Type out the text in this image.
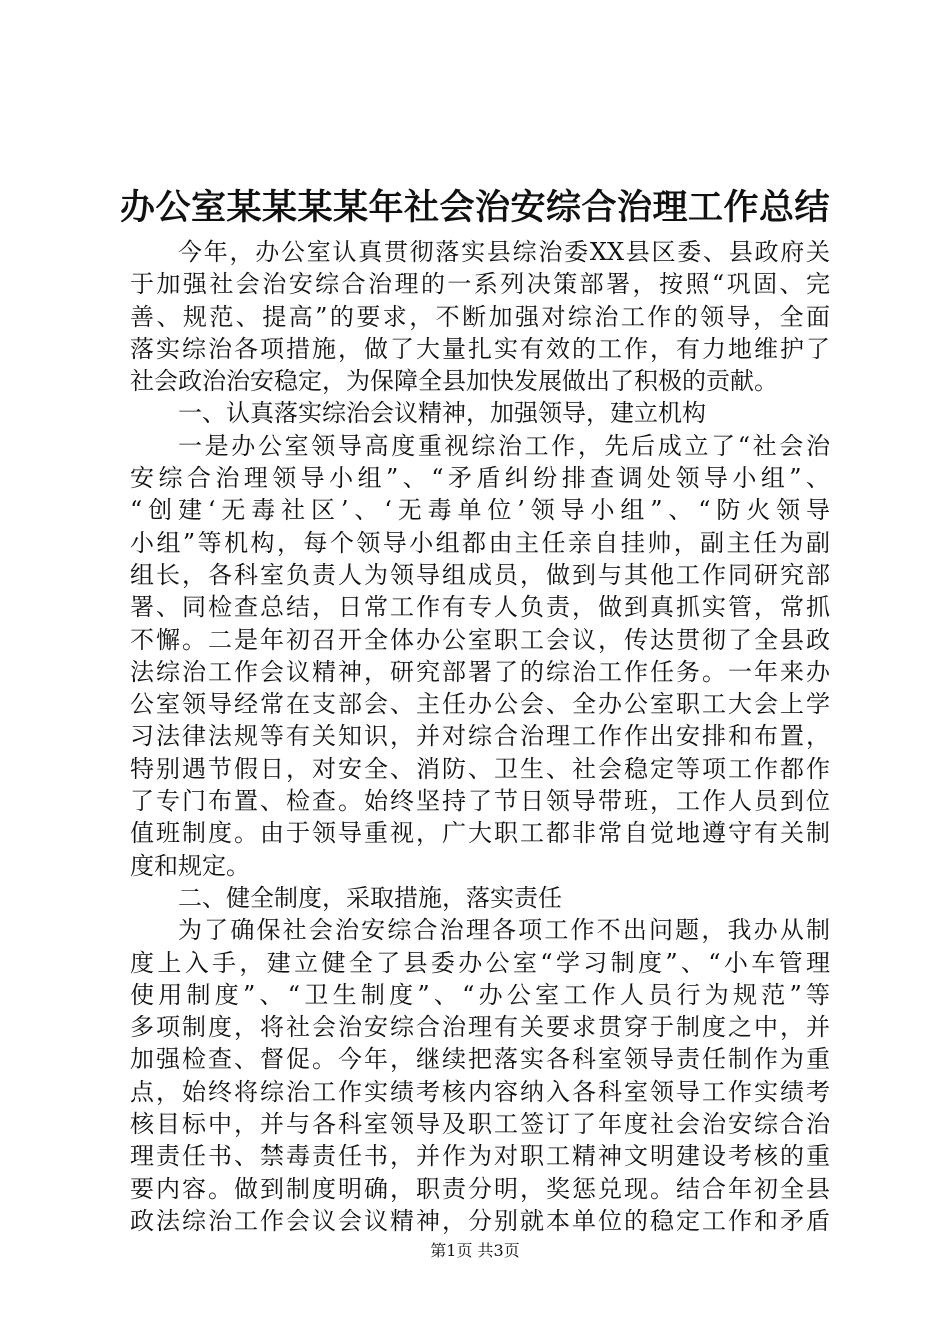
办公室某某某某年社会治安综合治理工作总结
今年，办公室认真贯彻落实县综治委XX县区委、县政府关
于加强社会治安综合治理的一系列决策部署，按照“巩固、完
善、规范、提高”的要求，不断加强对综治工作的领导，全面
落实综治各项措施，做了大量扎实有效的工作，有力地维护了
社会政治治安稳定，为保障全县加快发展做出了积极的贡献。
一、认真落实综治会议精神，加强领导，建立机构
一是办公室领导高度重视综治工作，先后成立了“社会治
安综合治理领导小组”、“矛盾纠纷排查调处领导小组”、
“创建‘无毒社区’、‘无毒单位’领导小组”、“防火领导
小组”等机构，每个领导小组都由主任亲自挂帅，副主任为副
组长，各科室负责人为领导组成员，做到与其他工作同研究部
署、同检查总结，日常工作有专人负责，做到真抓实管，常抓
不懈。二是年初召开全体办公室职工会议，传达贯彻了全县政
法综治工作会议精神，研究部署了的综治工作任务。一年来办
公室领导经常在支部会、主任办公会、全办公室职工大会上学
习法律法规等有关知识，并对综合治理工作作出安排和布置，
特别遇节假日，对安全、消防、卫生、社会稳定等项工作都作
了专门布置、检查。始终坚持了节日领导带班，工作人员到位
值班制度。由于领导重视，广大职工都非常自觉地遵守有关制
度和规定。
二、健全制度，采取措施，落实责任
为了确保社会治安综合治理各项工作不出问题，我办从制
度上入手，建立健全了县委办公室“学习制度”、“小车管理
使用制度”、“卫生制度”、“办公室工作人员行为规范”等
多项制度，将社会治安综合治理有关要求贯穿于制度之中，并
加强检查、督促。今年，继续把落实各科室领导责任制作为重
点，始终将综治工作实绩考核内容纳入各科室领导工作实绩考
核目标中，并与各科室领导及职工签订了年度社会治安综合治
理责任书、禁毒责任书，并作为对职工精神文明建设考核的重
要内容。做到制度明确，职责分明，奖惩兑现。结合年初全县
政法综治工作会议会议精神，分别就本单位的稳定工作和矛盾
第1页 共3页
